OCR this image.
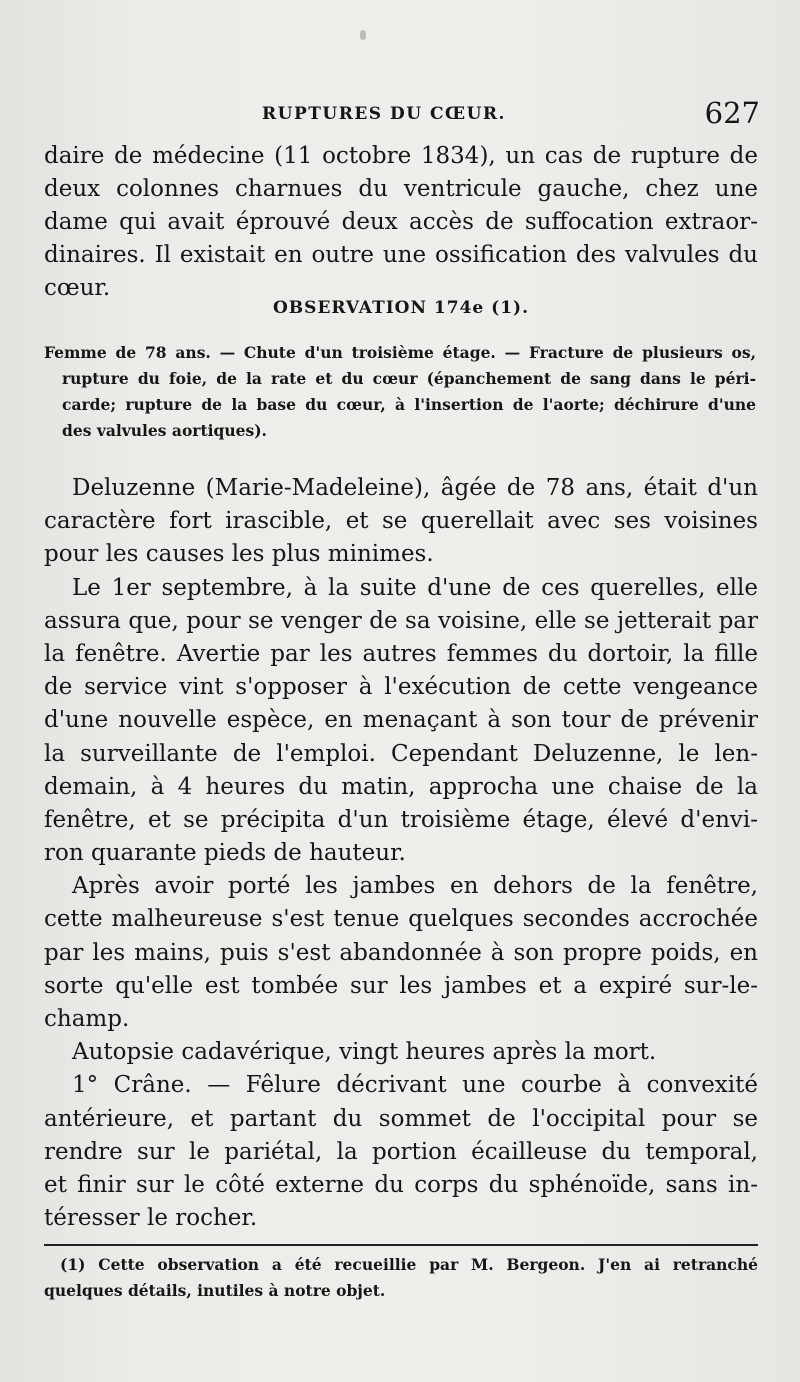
RUPTURES DU CŒUR.	627
daire de médecine (11 octobre 1834), un cas de rupture de
deux colonnes charnues du ventricule gauche, chez une
dame qui avait éprouvé deux accès de suffocation extraor-
dinaires. Il existait en outre une ossification des valvules du
cœur.
OBSERVATION 174e (1).
Femme de 78 ans. — Chute d'un troisième étage. — Fracture de plusieurs os,
rupture du foie, de la rate et du cœur (épanchement de sang dans le péri-
carde; rupture de la base du cœur, à l'insertion de l'aorte; déchirure d'une
des valvules aortiques).
Deluzenne (Marie-Madeleine), âgée de 78 ans, était d'un
caractère fort irascible, et se querellait avec ses voisines
pour les causes les plus minimes.
Le 1er septembre, à la suite d'une de ces querelles, elle
assura que, pour se venger de sa voisine, elle se jetterait par
la fenêtre. Avertie par les autres femmes du dortoir, la fille
de service vint s'opposer à l'exécution de cette vengeance
d'une nouvelle espèce, en menaçant à son tour de prévenir
la surveillante de l'emploi. Cependant Deluzenne, le len-
demain, à 4 heures du matin, approcha une chaise de la
fenêtre, et se précipita d'un troisième étage, élevé d'envi-
ron quarante pieds de hauteur.
Après avoir porté les jambes en dehors de la fenêtre,
cette malheureuse s'est tenue quelques secondes accrochée
par les mains, puis s'est abandonnée à son propre poids, en
sorte qu'elle est tombée sur les jambes et a expiré sur-le-
champ.
Autopsie cadavérique, vingt heures après la mort.
1° Crâne. — Fêlure décrivant une courbe à convexité
antérieure, et partant du sommet de l'occipital pour se
rendre sur le pariétal, la portion écailleuse du temporal,
et finir sur le côté externe du corps du sphénoïde, sans in-
téresser le rocher.
(1) Cette observation a été recueillie par M. Bergeon. J'en ai retranché
quelques détails, inutiles à notre objet.
